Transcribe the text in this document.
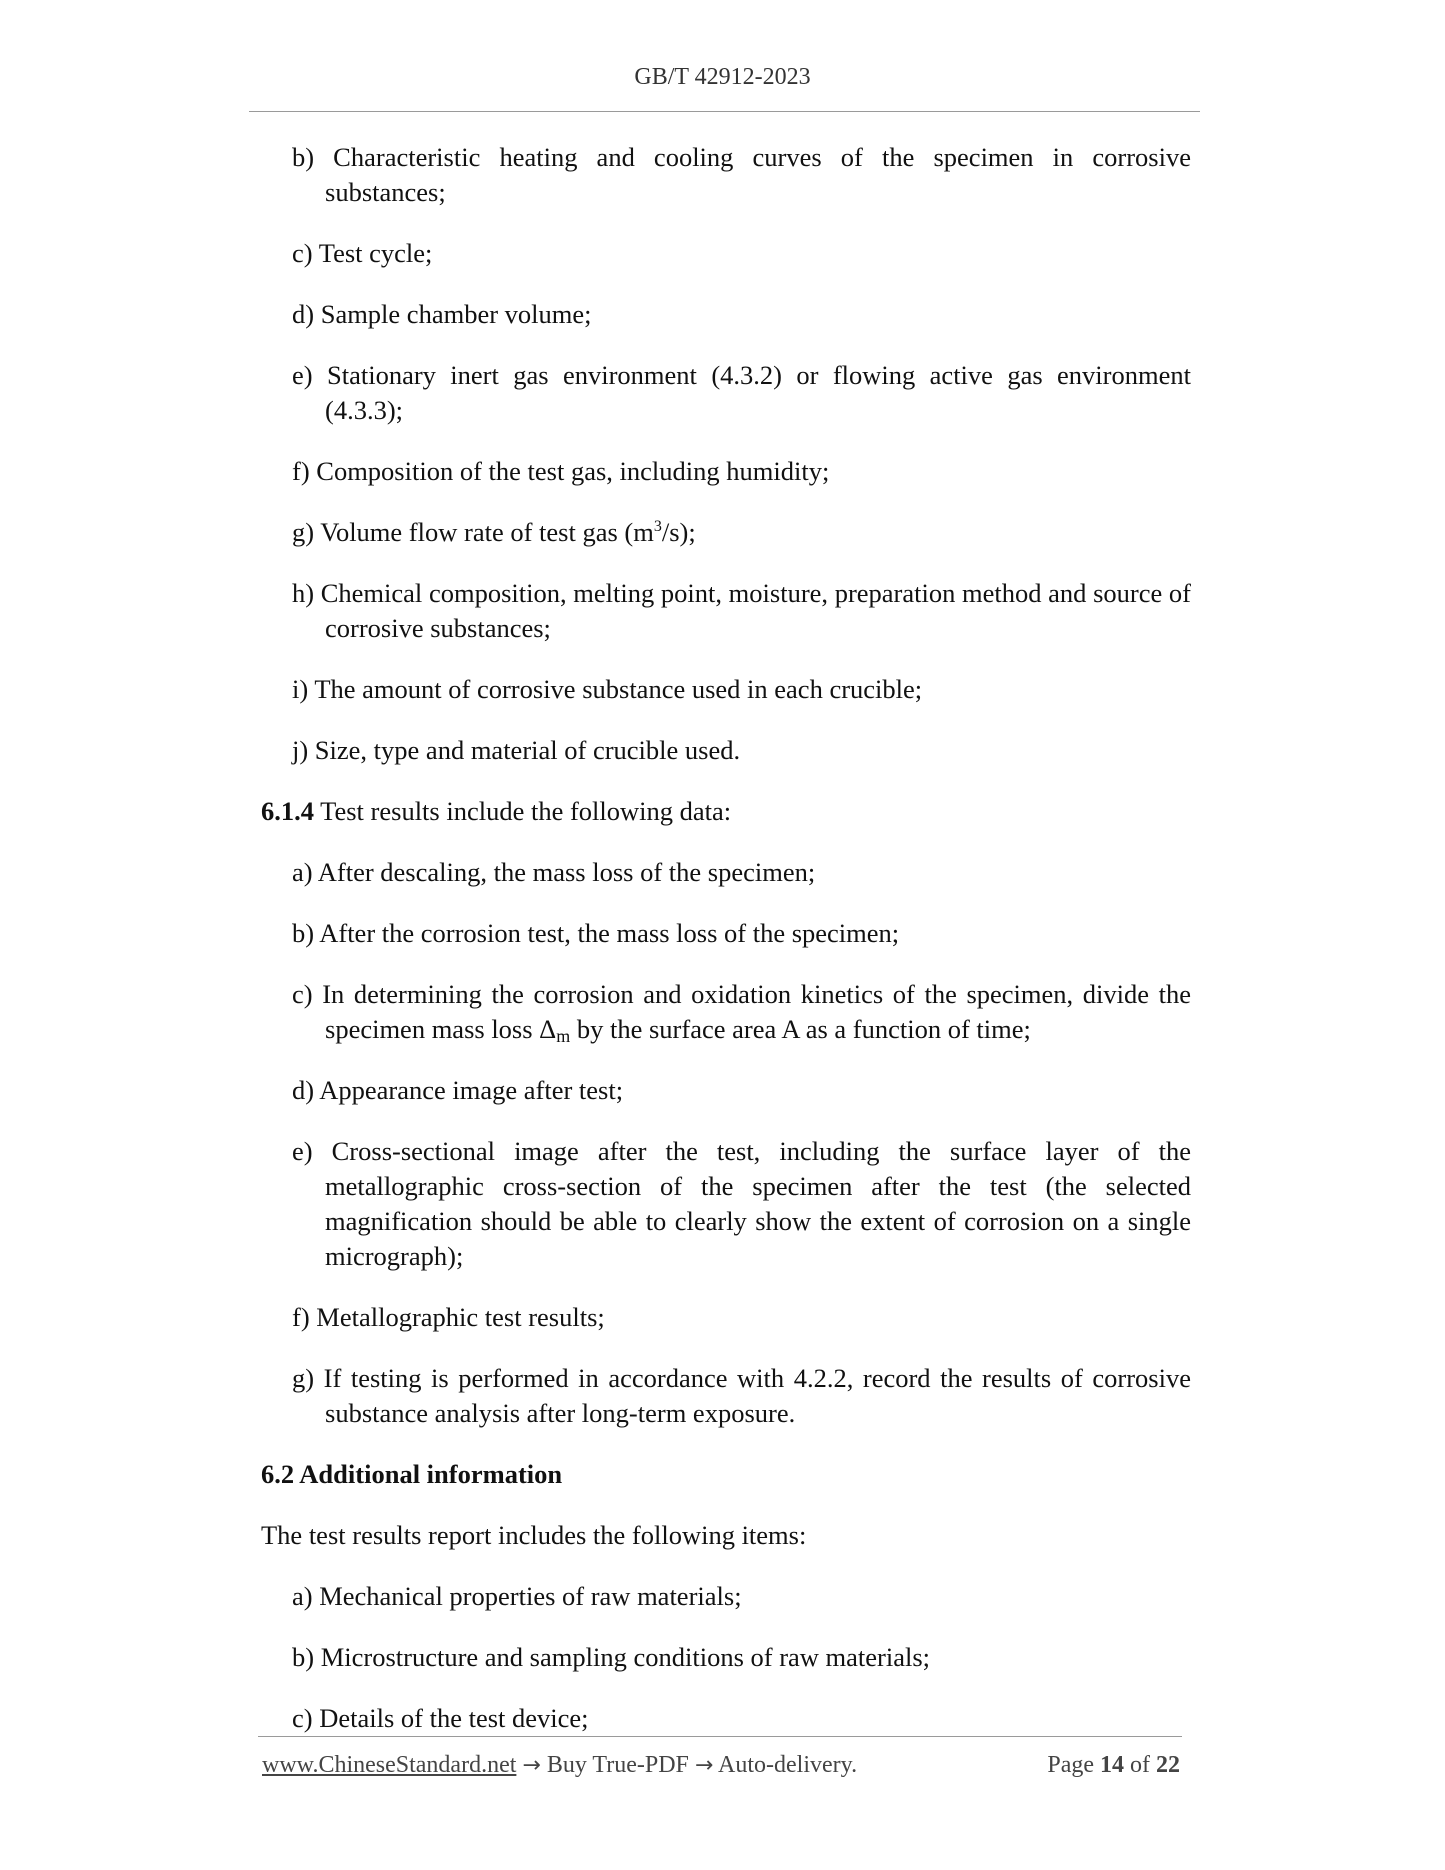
GB/T 42912-2023

b) Characteristic heating and cooling curves of the specimen in corrosive substances;

c) Test cycle;

d) Sample chamber volume;

e) Stationary inert gas environment (4.3.2) or flowing active gas environment (4.3.3);

f) Composition of the test gas, including humidity;

g) Volume flow rate of test gas $(m^3/s)$;

h) Chemical composition, melting point, moisture, preparation method and source of corrosive substances;

i) The amount of corrosive substance used in each crucible;

j) Size, type and material of crucible used.

6.1.4 Test results include the following data:

a) After descaling, the mass loss of the specimen;

b) After the corrosion test, the mass loss of the specimen;

c) In determining the corrosion and oxidation kinetics of the specimen, divide the specimen mass loss $\Delta_m$ by the surface area A as a function of time;

d) Appearance image after test;

e) Cross-sectional image after the test, including the surface layer of the metallographic cross-section of the specimen after the test (the selected magnification should be able to clearly show the extent of corrosion on a single micrograph);

f) Metallographic test results;

g) If testing is performed in accordance with 4.2.2, record the results of corrosive substance analysis after long-term exposure.

6.2 Additional information

The test results report includes the following items:

a) Mechanical properties of raw materials;

b) Microstructure and sampling conditions of raw materials;

c) Details of the test device;

www.ChineseStandard.net → Buy True-PDF → Auto-delivery.	Page 14 of 22
